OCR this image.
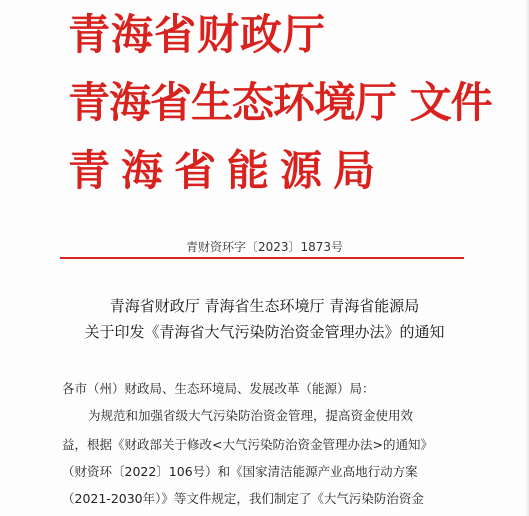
青海省财政厅
青海省生态环境厅 文件
青海省能源局
青财资环字〔2023〕1873号
青海省财政厅 青海省生态环境厅 青海省能源局
关于印发《青海省大气污染防治资金管理办法》的通知
各市（州）财政局、生态环境局、发展改革（能源）局：
为规范和加强省级大气污染防治资金管理，提高资金使用效
益，根据《财政部关于修改<大气污染防治资金管理办法>的通知》
（财资环〔2022〕106号）和《国家清洁能源产业高地行动方案
（2021-2030年）》等文件规定，我们制定了《大气污染防治资金
